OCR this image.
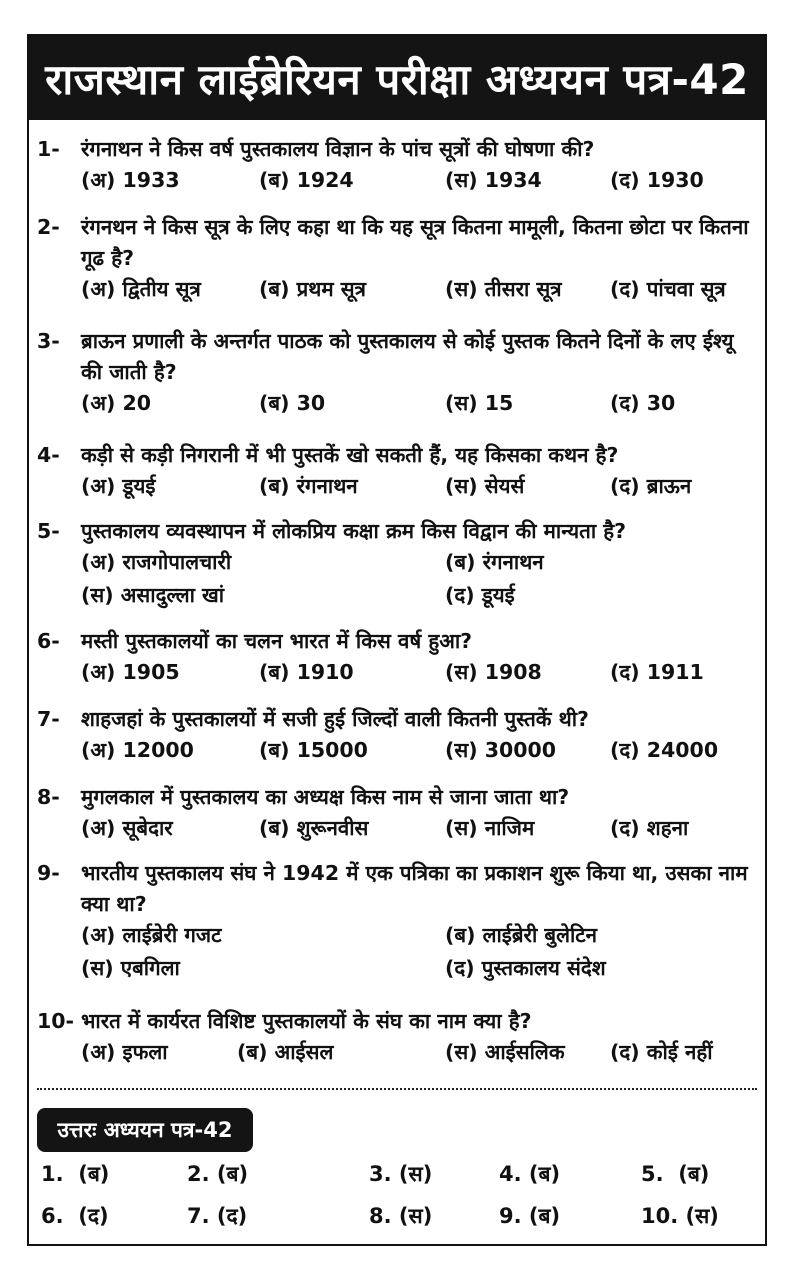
राजस्थान लाईब्रेरियन परीक्षा अध्ययन पत्र-42
1-	रंगनाथन ने किस वर्ष पुस्तकालय विज्ञान के पांच सूत्रों की घोषणा की?
(अ) 1933	(ब) 1924	(स) 1934	(द) 1930
2-	रंगनथन ने किस सूत्र के लिए कहा था कि यह सूत्र कितना मामूली, कितना छोटा पर कितना गूढ है?
(अ) द्वितीय सूत्र	(ब) प्रथम सूत्र	(स) तीसरा सूत्र (द) पांचवा सूत्र
3-	ब्राऊन प्रणाली के अन्तर्गत पाठक को पुस्तकालय से कोई पुस्तक कितने दिनों के लए ईश्यू की जाती है?
(अ) 20	(ब) 30	(स) 15	(द) 30
4-	कड़ी से कड़ी निगरानी में भी पुस्तकें खो सकती हैं, यह किसका कथन है?
(अ) डूयई	(ब) रंगनाथन	(स) सेयर्स	(द) ब्राऊन
5-	पुस्तकालय व्यवस्थापन में लोकप्रिय कक्षा क्रम किस विद्वान की मान्यता है?
(अ) राजगोपालचारी	(ब) रंगनाथन
(स) असादुल्ला खां	(द) डूयई
6-	मस्ती पुस्तकालयों का चलन भारत में किस वर्ष हुआ?
(अ) 1905	(ब) 1910	(स) 1908	(द) 1911
7-	शाहजहां के पुस्तकालयों में सजी हुई जिल्दों वाली कितनी पुस्तकें थी?
(अ) 12000	(ब) 15000	(स) 30000	(द) 24000
8-	मुगलकाल में पुस्तकालय का अध्यक्ष किस नाम से जाना जाता था?
(अ) सूबेदार	(ब) शुरूनवीस	(स) नाजिम	(द) शहना
9-	भारतीय पुस्तकालय संघ ने 1942 में एक पत्रिका का प्रकाशन शुरू किया था, उसका नाम क्या था?
(अ) लाईब्रेरी गजट	(ब) लाईब्रेरी बुलेटिन
(स) एबगिला	(द) पुस्तकालय संदेश
10- भारत में कार्यरत विशिष्ट पुस्तकालयों के संघ का नाम क्या है?
(अ) इफला	(ब) आईसल	(स) आईसलिक (द) कोई नहीं
उत्तरः अध्ययन पत्र-42
1. (ब)	2. (ब)	3. (स)	4. (ब)	5. (ब)
6. (द)	7. (द)	8. (स)	9. (ब)	10. (स)
